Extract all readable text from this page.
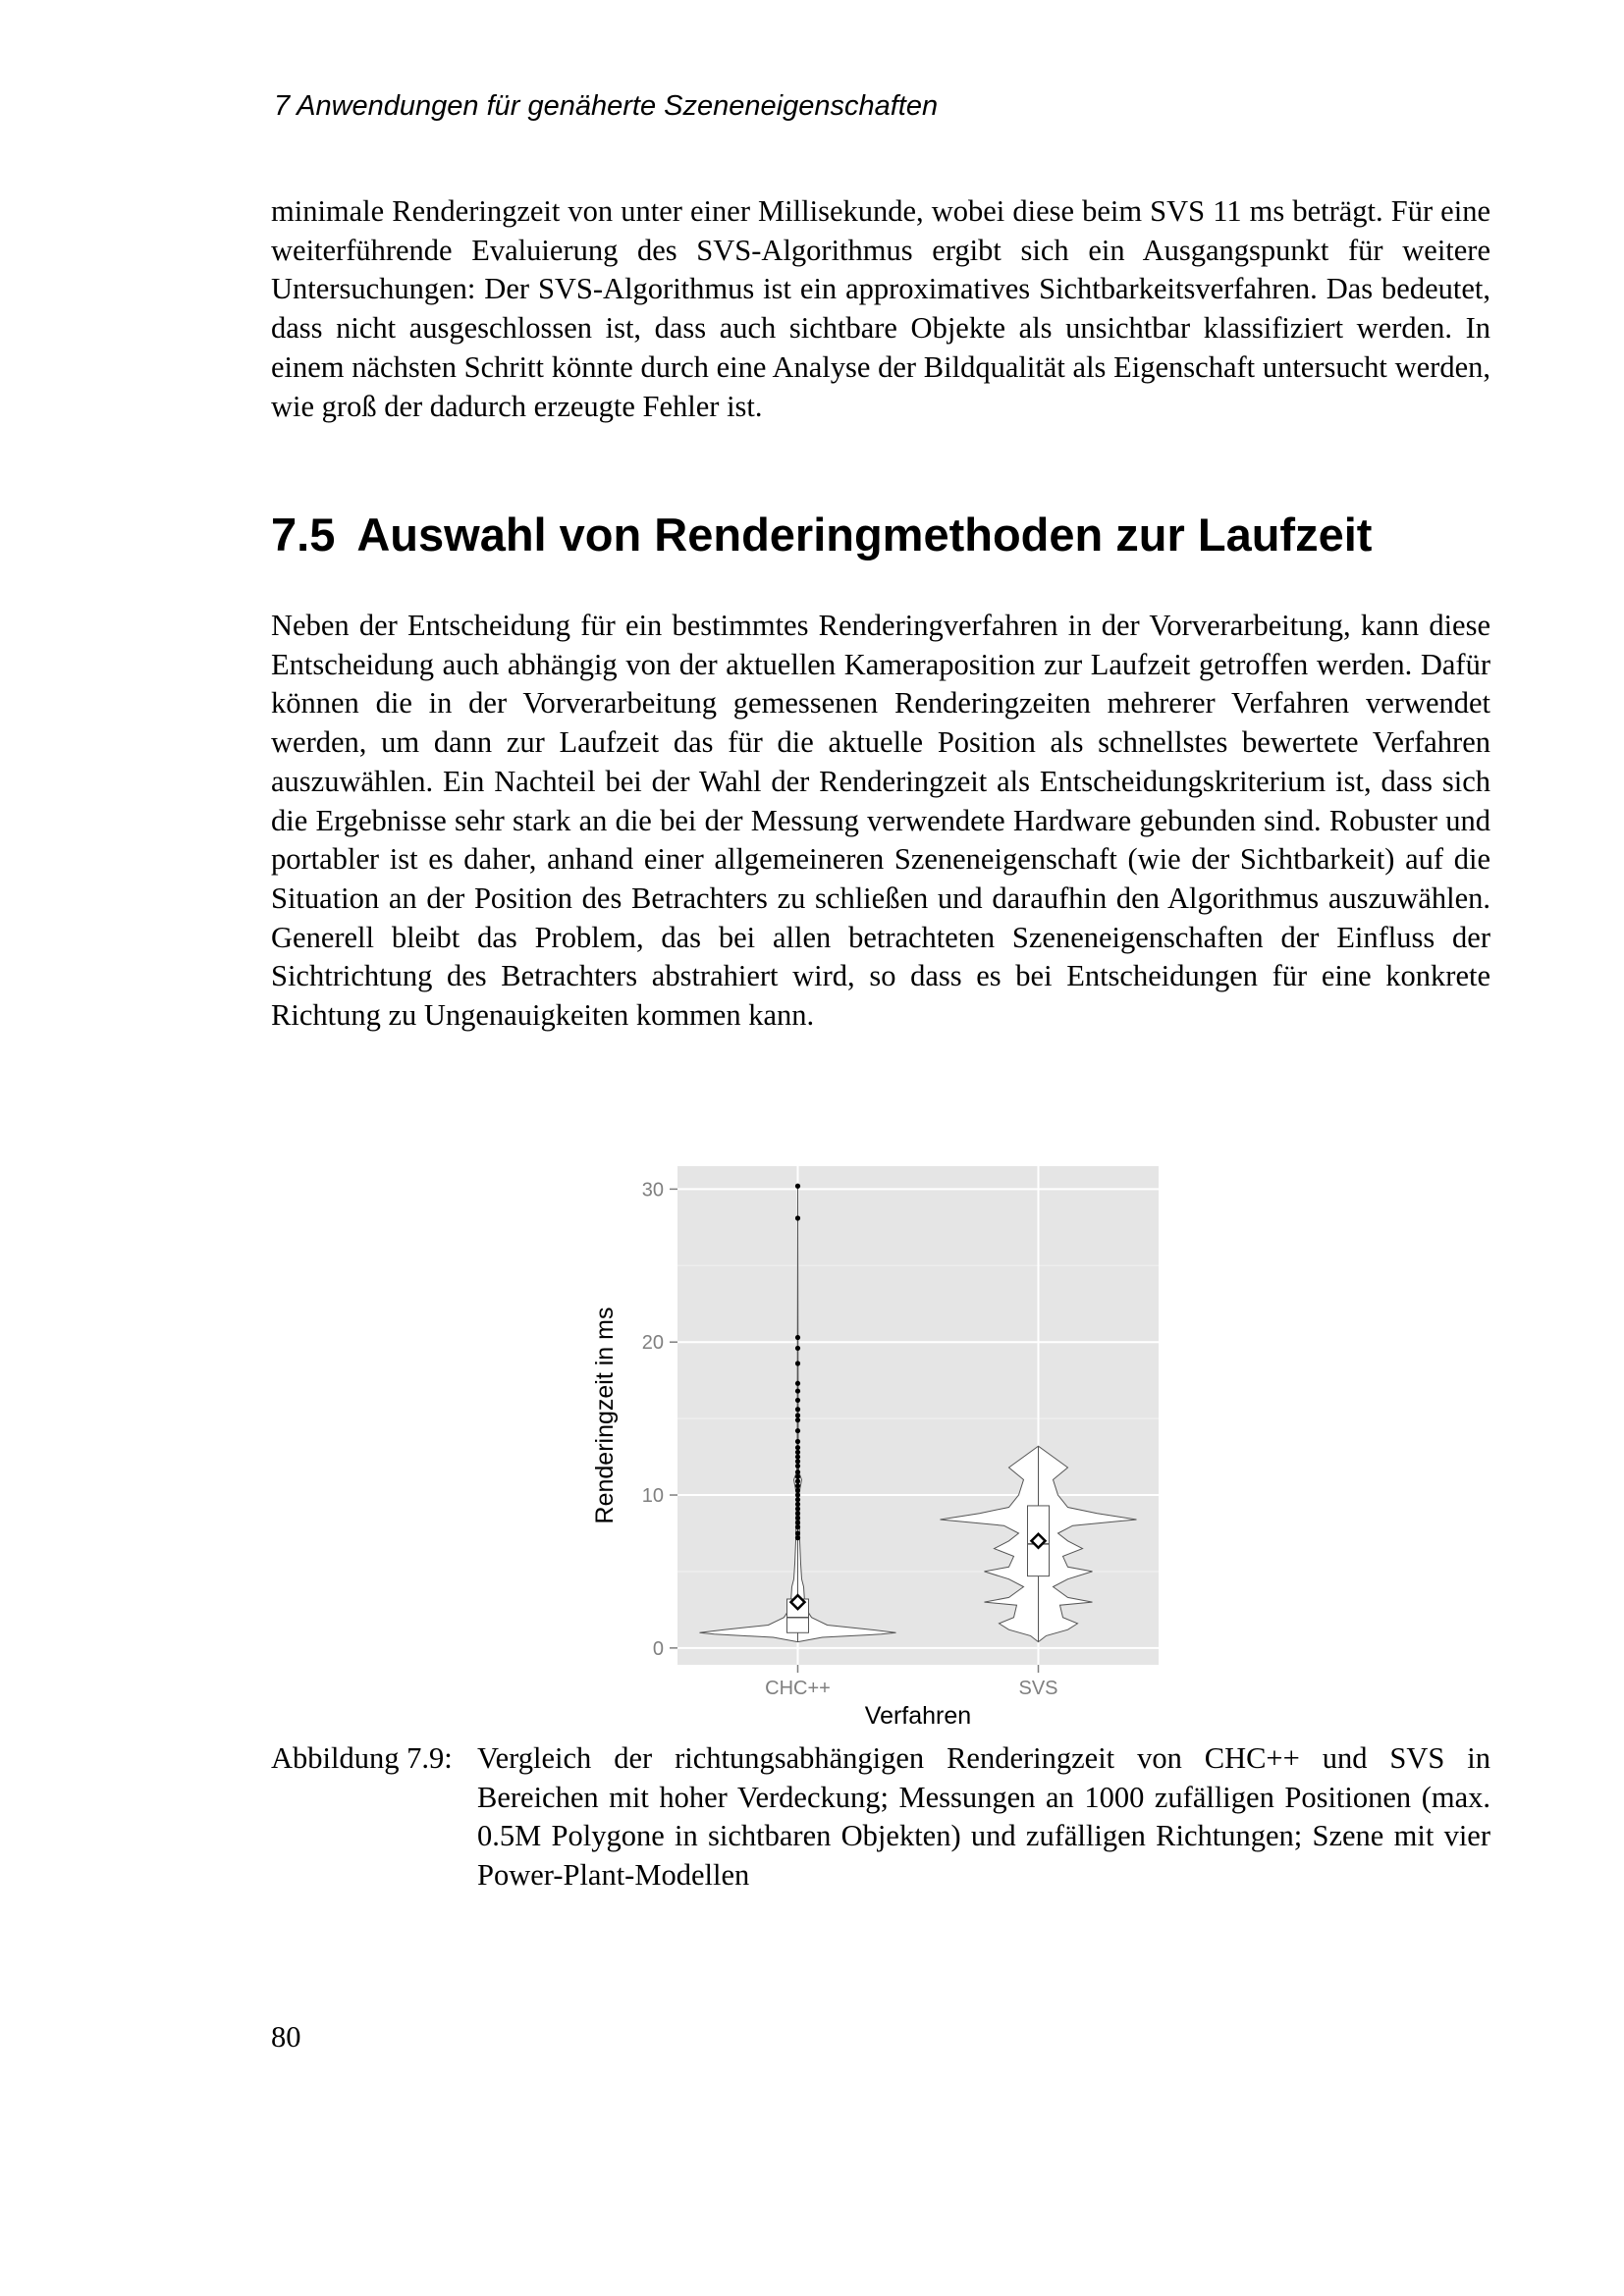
7 Anwendungen für genäherte Szeneneigenschaften

minimale Renderingzeit von unter einer Millisekunde, wobei diese beim SVS 11 ms beträgt. Für eine weiterführende Evaluierung des SVS-Algorithmus ergibt sich ein Ausgangspunkt für weitere Untersuchungen: Der SVS-Algorithmus ist ein approximatives Sichtbarkeitsverfahren. Das bedeutet, dass nicht ausgeschlossen ist, dass auch sichtbare Objekte als unsichtbar klassifiziert werden. In einem nächsten Schritt könnte durch eine Analyse der Bildqualität als Eigenschaft untersucht werden, wie groß der dadurch erzeugte Fehler ist.

7.5 Auswahl von Renderingmethoden zur Laufzeit

Neben der Entscheidung für ein bestimmtes Renderingverfahren in der Vorverarbeitung, kann diese Entscheidung auch abhängig von der aktuellen Kameraposition zur Laufzeit getroffen werden. Dafür können die in der Vorverarbeitung gemessenen Renderingzeiten mehrerer Verfahren verwendet werden, um dann zur Laufzeit das für die aktuelle Position als schnellstes bewertete Verfahren auszuwählen. Ein Nachteil bei der Wahl der Renderingzeit als Entscheidungskriterium ist, dass sich die Ergebnisse sehr stark an die bei der Messung verwendete Hardware gebunden sind. Robuster und portabler ist es daher, anhand einer allgemeineren Szeneneigenschaft (wie der Sichtbarkeit) auf die Situation an der Position des Betrachters zu schließen und daraufhin den Algorithmus auszuwählen. Generell bleibt das Problem, das bei allen betrachteten Szeneneigenschaften der Einfluss der Sichtrichtung des Betrachters abstrahiert wird, so dass es bei Entscheidungen für eine konkrete Richtung zu Ungenauigkeiten kommen kann.

0
10
20
30
CHC++	SVS
Verfahren
Renderingzeit in ms
Abbildung 7.9: Vergleich der richtungsabhängigen Renderingzeit von CHC++ und SVS in Bereichen mit hoher Verdeckung; Messungen an 1000 zufälligen Positionen (max. 0.5M Polygone in sichtbaren Objekten) und zufälligen Richtungen; Szene mit vier Power-Plant-Modellen
80
